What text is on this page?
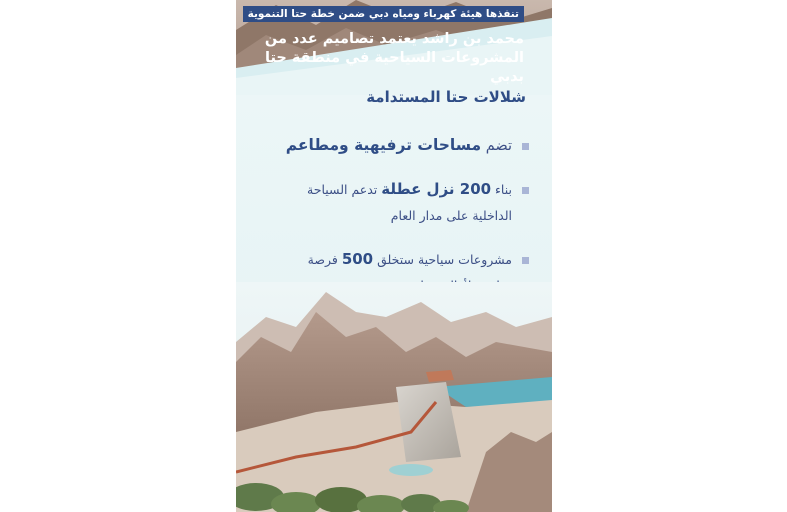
تنفذها هيئة كهرباء ومياه دبي ضمن خطة حتا التنموية
محمد بن راشد يعتمد تصاميم عدد من
المشروعات السياحية في منطقة حتا بدبي
شلالات حتا المستدامة
تضم مساحات ترفيهية ومطاعم
بناء 200 نزل عطلة تدعم السياحة
الداخلية على مدار العام
مشروعات سياحية ستخلق 500 فرصة
